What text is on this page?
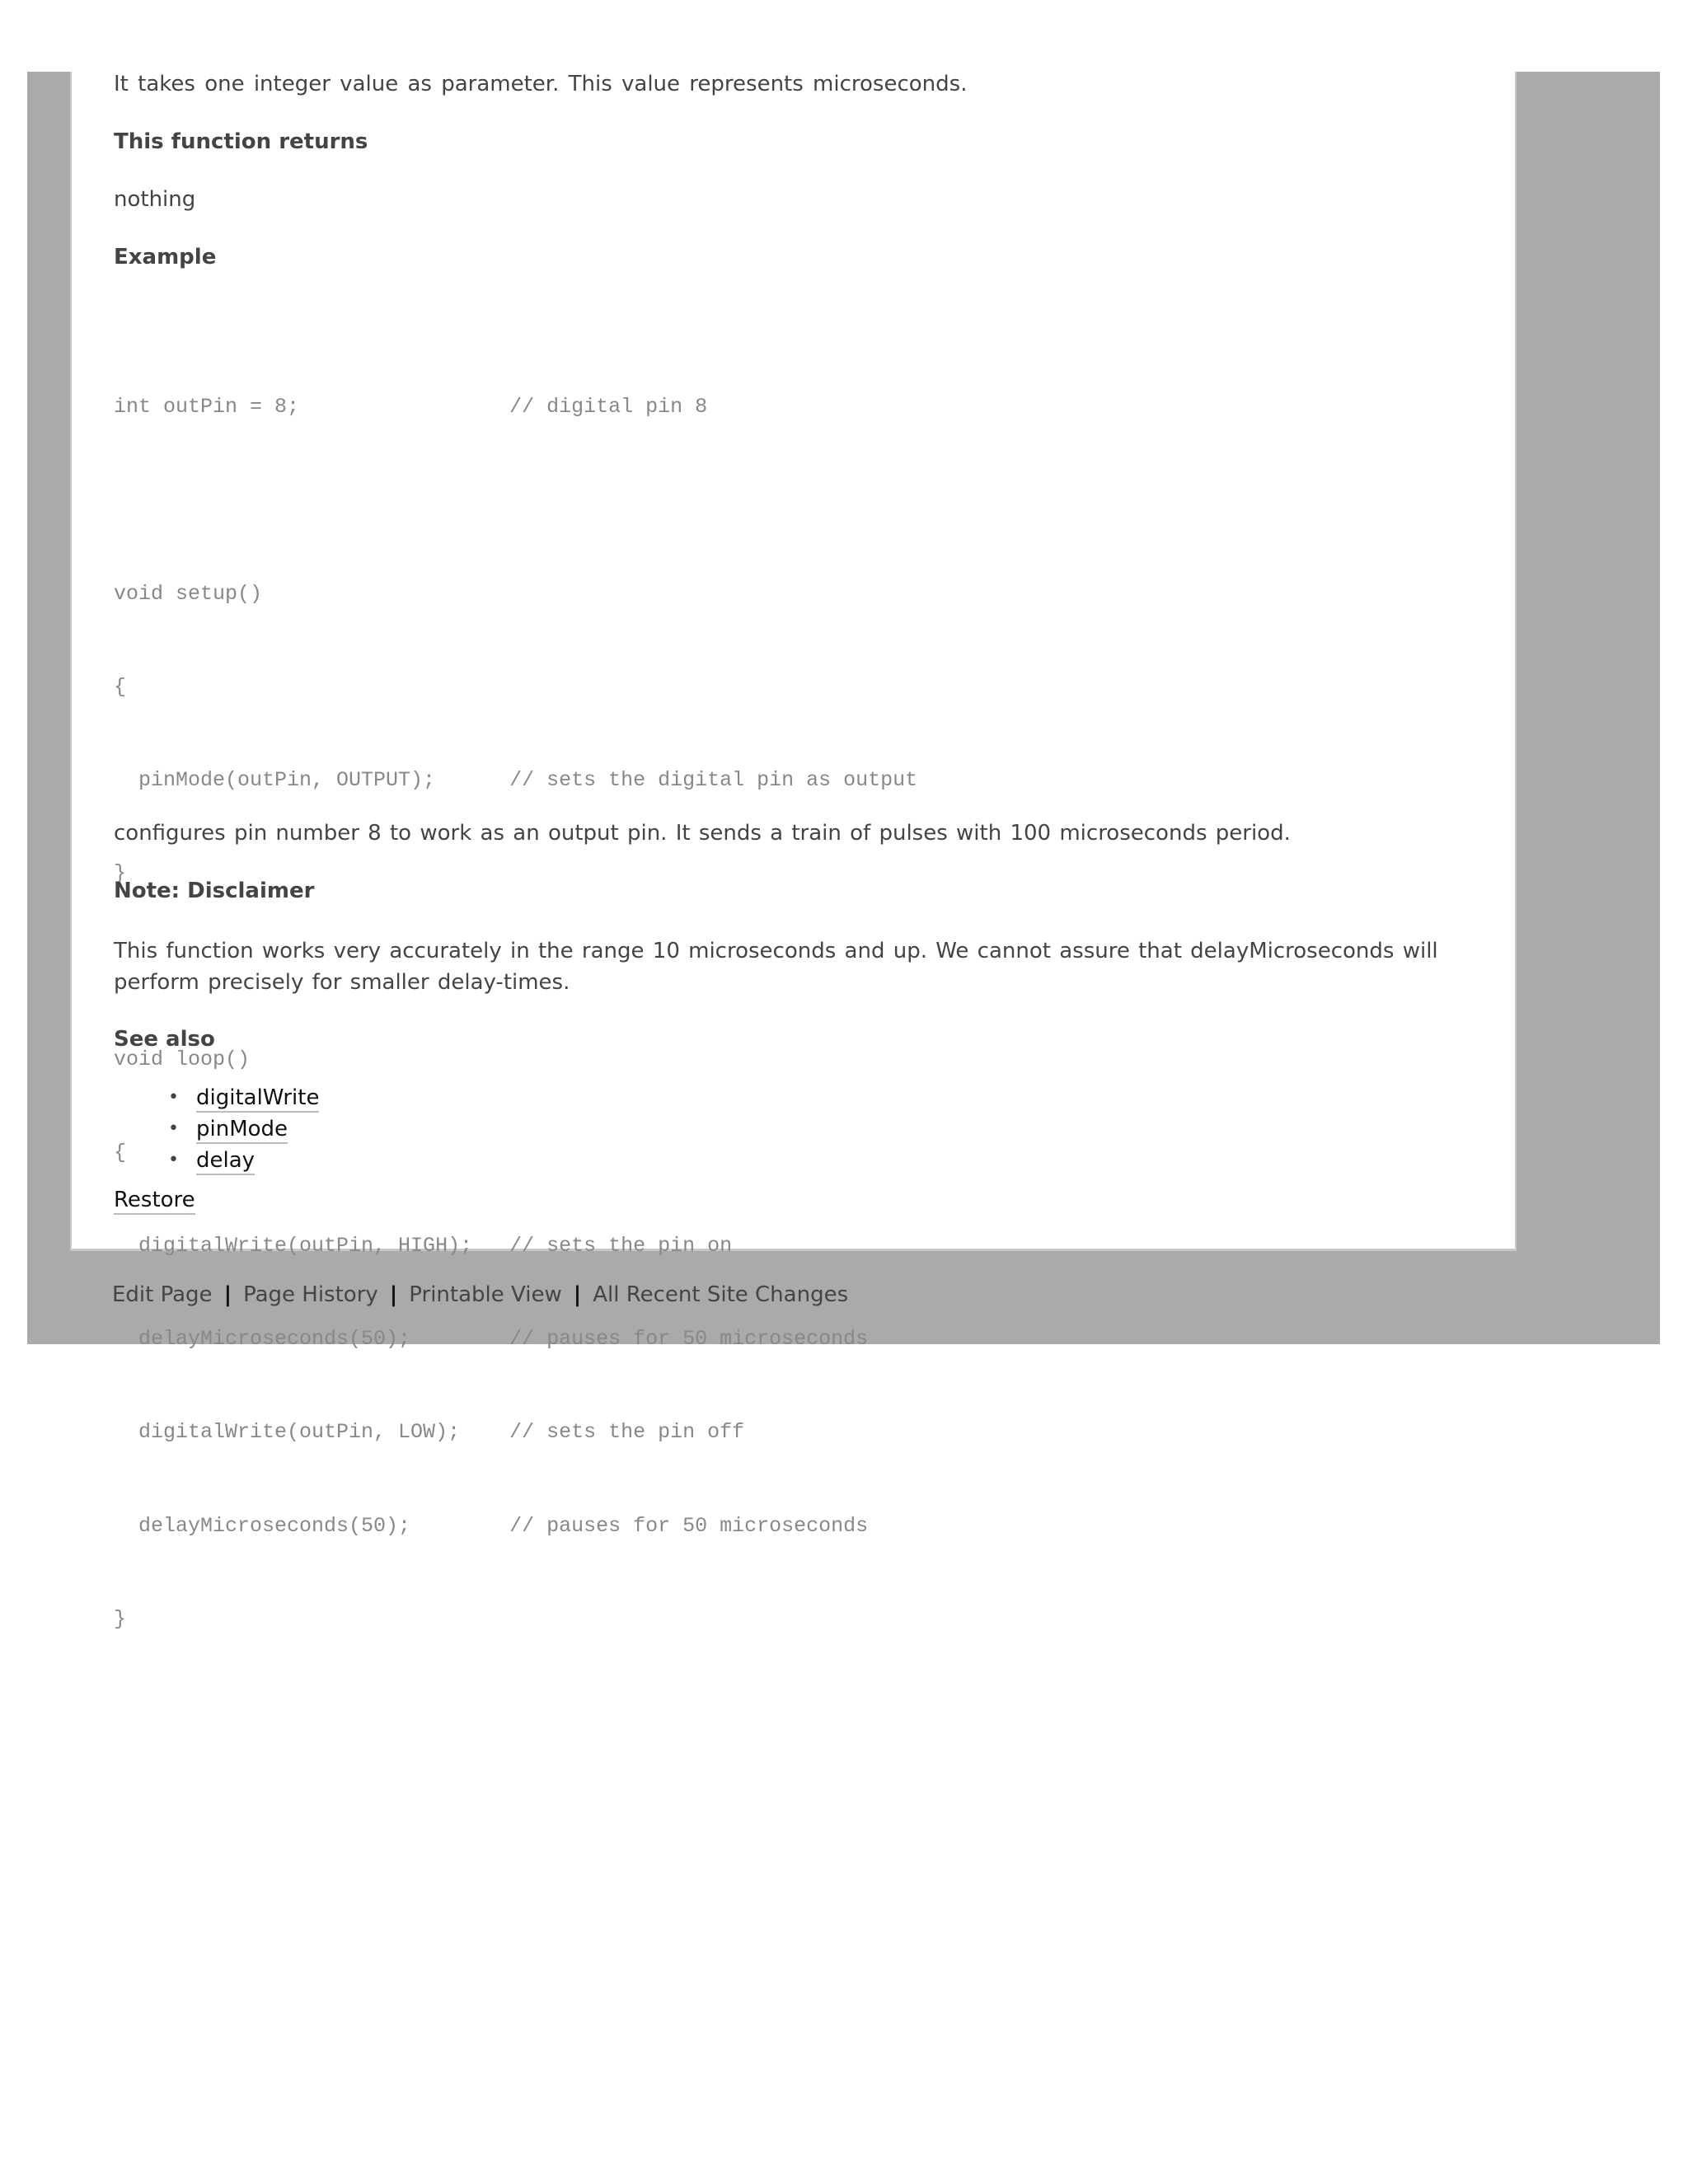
It takes one integer value as parameter. This value represents microseconds.

This function returns

nothing

Example

int outPin = 8;                 // digital pin 8

void setup()

{

pinMode(outPin, OUTPUT);      // sets the digital pin as output

}

void loop()

{

digitalWrite(outPin, HIGH);   // sets the pin on

delayMicroseconds(50);        // pauses for 50 microseconds

digitalWrite(outPin, LOW);    // sets the pin off

delayMicroseconds(50);        // pauses for 50 microseconds

}

configures pin number 8 to work as an output pin. It sends a train of pulses with 100 microseconds period.

Note: Disclaimer

This function works very accurately in the range 10 microseconds and up. We cannot assure that delayMicroseconds will perform precisely for smaller delay-times.

See also

• digitalWrite
• pinMode
• delay
Restore
Edit Page | Page History | Printable View | All Recent Site Changes
